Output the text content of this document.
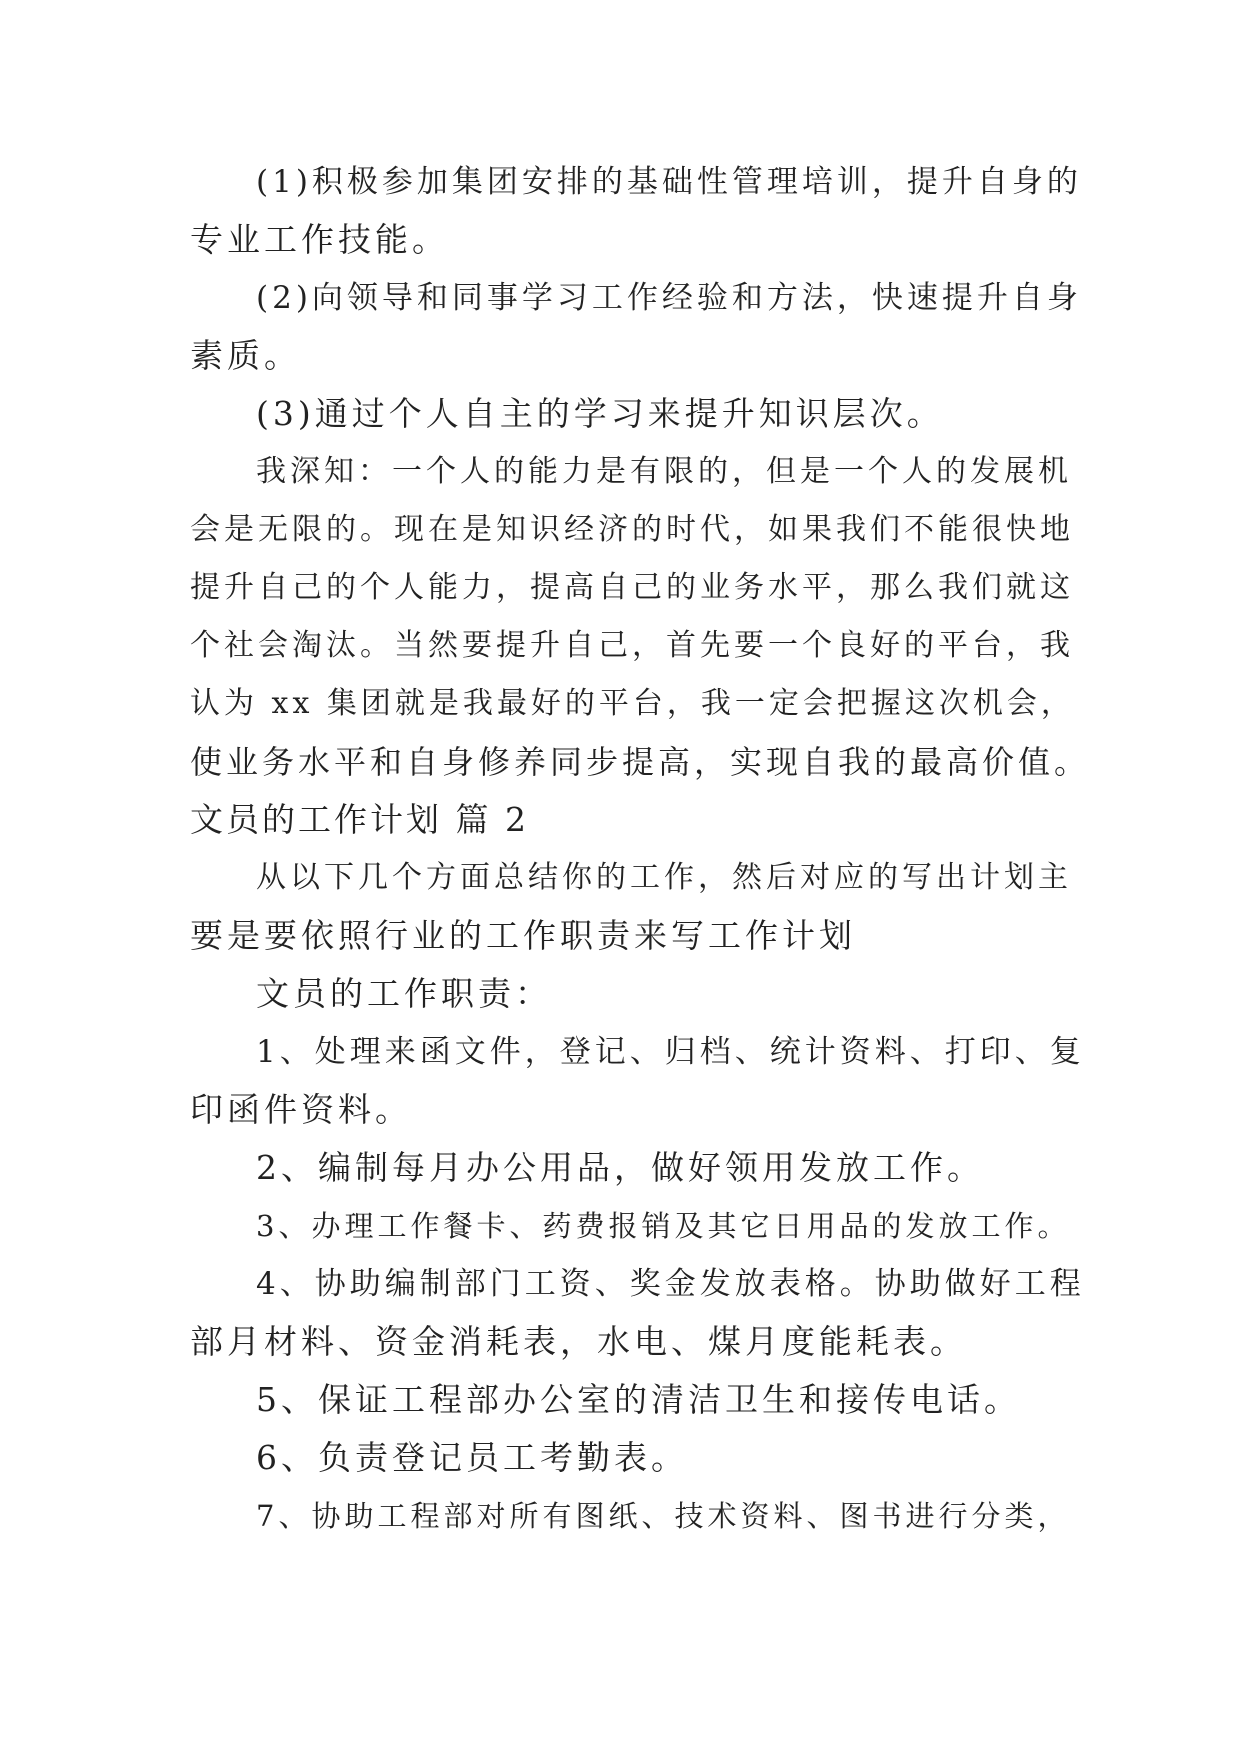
(1)积极参加集团安排的基础性管理培训，提升自身的
专业工作技能。
(2)向领导和同事学习工作经验和方法，快速提升自身
素质。
(3)通过个人自主的学习来提升知识层次。
我深知：一个人的能力是有限的，但是一个人的发展机
会是无限的。现在是知识经济的时代，如果我们不能很快地
提升自己的个人能力，提高自己的业务水平，那么我们就这
个社会淘汰。当然要提升自己，首先要一个良好的平台，我
认为 xx 集团就是我最好的平台，我一定会把握这次机会，
使业务水平和自身修养同步提高，实现自我的最高价值。
文员的工作计划 篇 2
从以下几个方面总结你的工作，然后对应的写出计划主
要是要依照行业的工作职责来写工作计划
文员的工作职责：
1、处理来函文件，登记、归档、统计资料、打印、复
印函件资料。
2、编制每月办公用品，做好领用发放工作。
3、办理工作餐卡、药费报销及其它日用品的发放工作。
4、协助编制部门工资、奖金发放表格。协助做好工程
部月材料、资金消耗表，水电、煤月度能耗表。
5、保证工程部办公室的清洁卫生和接传电话。
6、负责登记员工考勤表。
7、协助工程部对所有图纸、技术资料、图书进行分类，
